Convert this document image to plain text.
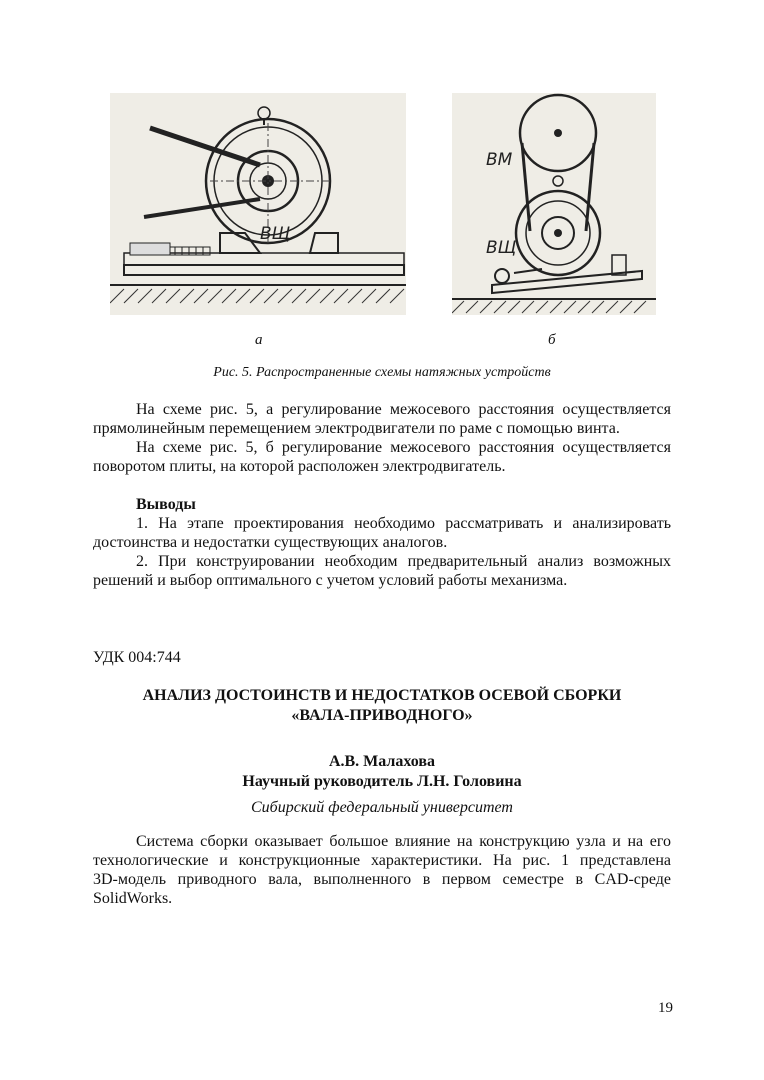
ВЩ
ВМ
ВЩ
а	б
Рис. 5. Распространенные схемы натяжных устройств
На схеме рис. 5, а регулирование межосевого расстояния осуществляется
прямолинейным перемещением электродвигатели по раме с помощью винта.
На схеме рис. 5, б регулирование межосевого расстояния осуществляется
поворотом плиты, на которой расположен электродвигатель.
Выводы
1. На этапе проектирования необходимо рассматривать и анализировать
достоинства и недостатки существующих аналогов.
2. При конструировании необходим предварительный анализ возможных
решений и выбор оптимального с учетом условий работы механизма.
УДК 004:744
АНАЛИЗ ДОСТОИНСТВ И НЕДОСТАТКОВ ОСЕВОЙ СБОРКИ
«ВАЛА-ПРИВОДНОГО»
А.В. Малахова
Научный руководитель Л.Н. Головина
Сибирский федеральный университет
Система сборки оказывает большое влияние на конструкцию узла и на его
технологические и конструкционные характеристики. На рис. 1 представлена
3D-модель приводного вала, выполненного в первом семестре в CAD-среде
SolidWorks.
19
